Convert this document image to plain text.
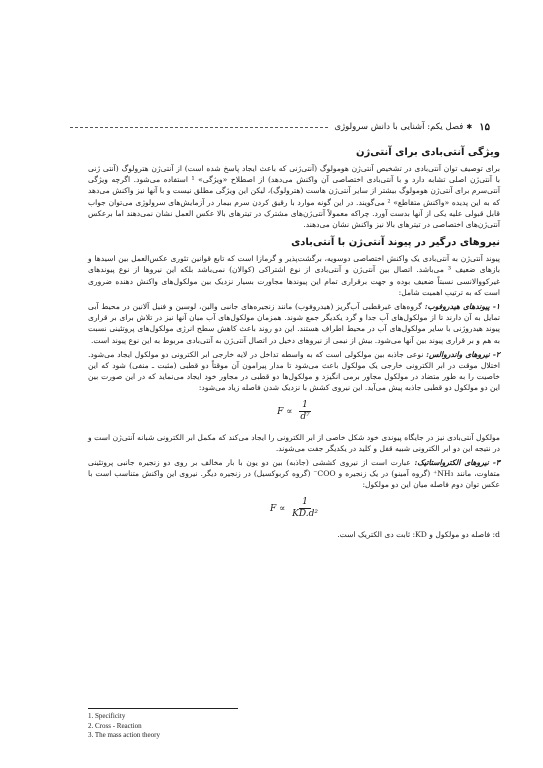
۱۵
✱
فصل یکم: آشنایی با دانش سرولوژی
ویژگی آنتی‌بادی برای آنتی‌ژن

برای توصیف توان آنتی‌بادی در تشخیص آنتی‌ژن هومولوگ (آنتی‌ژنی که باعث ایجاد پاسخ شده است) از آنتی‌ژن هترولوگ (آنتی ژنی با آنتی‌ژن اصلی تشابه دارد و با آنتی‌بادی اختصاصی آن واکنش می‌دهد) از اصطلاح «ویژگی» ¹ استفاده می‌شود. اگرچه ویژگی آنتی‌سرم برای آنتی‌ژن هومولوگ بیشتر از سایر آنتی‌ژن هاست (هترولوگ)، لیکن این ویژگی مطلق نیست و با آنها نیز واکنش می‌دهد که به این پدیده «واکنش متقاطع» ² می‌گویند. در این گونه موارد با رقیق کردن سرم بیمار در آزمایش‌های سرولوژی می‌توان جواب قابل قبولی علیه یکی از آنها بدست آورد. چراکه معمولاً آنتی‌ژن‌های مشترک در تیترهای بالا عکس العمل نشان نمی‌دهند اما برعکس آنتی‌ژن‌های اختصاصی در تیترهای بالا نیز واکنش نشان می‌دهند.

نیروهای درگیر در پیوند آنتی‌ژن با آنتی‌بادی

پیوند آنتی‌ژن به آنتی‌بادی یک واکنش اختصاصی دوسویه، برگشت‌پذیر و گرمازا است که تابع قوانین تئوری عکس‌العمل بین اسیدها و بازهای ضعیف ³ می‌باشد. اتصال بین آنتی‌ژن و آنتی‌بادی از نوع اشتراکی (کوالان) نمی‌باشد بلکه این نیروها از نوع پیوندهای غیرکووالانسی نسبتاً ضعیف بوده و جهت برقراری تمام این پیوندها مجاورت بسیار نزدیک بین مولکول‌های واکنش دهنده ضروری است که به ترتیب اهمیت شامل:

۱- پیوندهای هیدروفوب: گروه‌های غیرقطبی آب‌گریز (هیدروفوب) مانند زنجیره‌های جانبی والین، لوسین و فنیل آلانین در محیط آبی تمایل به آن دارند تا از مولکول‌های آب جدا و گرد یکدیگر جمع شوند. همزمان مولکول‌های آب میان آنها نیز در تلاش برای بر قراری پیوند هیدروژنی با سایر مولکول‌های آب در محیط اطراف هستند. این دو روند باعث کاهش سطح انرژی مولکول‌های پروتئینی نسبت به هم و بر قراری پیوند بین آنها می‌شود. بیش از نیمی از نیروهای دخیل در اتصال آنتی‌ژن به آنتی‌بادی مربوط به این نوع پیوند است.
۲- نیروهای واندروالس: نوعی جاذبه بین مولکولی است که به واسطه تداخل در لایه خارجی ابر الکترونی دو مولکول ایجاد می‌شود. اختلال موقت در ابر الکترونی خارجی یک مولکول باعث می‌شود تا مدار پیرامون آن موقتاً دو قطبی (مثبت ـ منفی) شود که این خاصیت را به طور متضاد در مولکول مجاور برمی انگیزد و مولکول‌ها دو قطبی در مجاور خود ایجاد می‌نماید که در این صورت بین این دو مولکول دو قطبی جاذبه پیش می‌آید. این نیروی کشش با نزدیک شدن فاصله زیاد می‌شود:
$F \propto \frac{1}{\text{d⁷}}$

مولکول آنتی‌بادی نیز در جایگاه پیوندی خود شکل خاصی از ابر الکترونی را ایجاد می‌کند که مکمل ابر الکترونی شبانه آنتی‌ژن است و در نتیجه این دو ابر الکترونی شبیه قفل و کلید در یکدیگر جفت می‌شوند.

۳- نیروهای الکترواستاتیک: عبارت است از نیروی کششی (جاذبه) بین دو یون با بار مخالف بر روی دو زنجیره جانبی پروتئینی متفاوت، مانند NH₃⁺ (گروه آمینو) در یک زنجیره و COO⁻ (گروه کربوکسیل) در زنجیره دیگر. نیروی این واکنش متناسب است با عکس توان دوم فاصله میان این دو مولکول:
$F \propto \frac{1}{\text{KD.d²}}$

d: فاصله دو مولکول و KD: ثابت دی الکتریک است.

1. Specificity
2. Cross - Reaction
3. The mass action theory
